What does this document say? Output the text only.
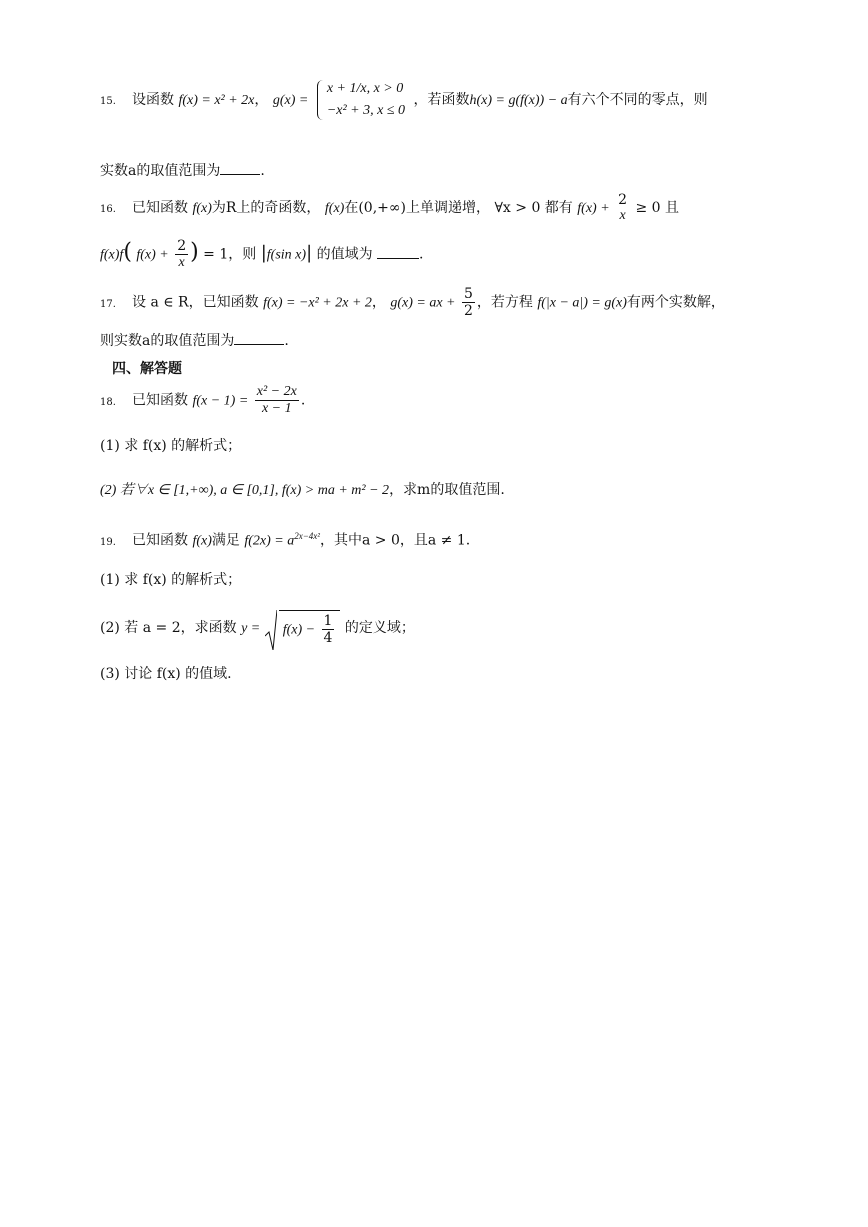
15. 设函数 f(x) = x² + 2x， g(x) =
x + 1/x, x > 0
−x² + 3, x ≤ 0
，若函数h(x) = g(f(x)) − a有六个不同的零点，则
实数a的取值范围为	.
16. 已知函数 f(x)为R上的奇函数， f(x)在(0,+∞)上单调递增， ∀x > 0 都有 f(x) +
2
x ≥ 0 且
f(x)f( $f(x) + \frac{2}{x}$ ) = 1，则 |f(sin x)| 的值域为	.
17. 设 a ∈ R，已知函数 f(x) = −x² + 2x + 2， g(x) = ax + $\frac{5}{2}$ ，若方程 f(|x − a|) = g(x)有两个实数解，
则实数a的取值范围为	.
四、解答题
18. 已知函数 $f(x - 1) = \frac{\text{x² − 2x}}{x - 1}$ .
(1) 求 f(x) 的解析式；
(2) 若∀x ∈ [1,+∞), a ∈ [0,1], f(x) > ma + m² − 2，求m的取值范围.
19. 已知函数 f(x)满足 $f(2x) = a^{2x-4x^2}$，其中a > 0，且a ≠ 1.
(1) 求 f(x) 的解析式；
(2) 若 a = 2，求函数 $y = f(x) - \frac{1}{4}$ 的定义域；
(3) 讨论 f(x) 的值域.
